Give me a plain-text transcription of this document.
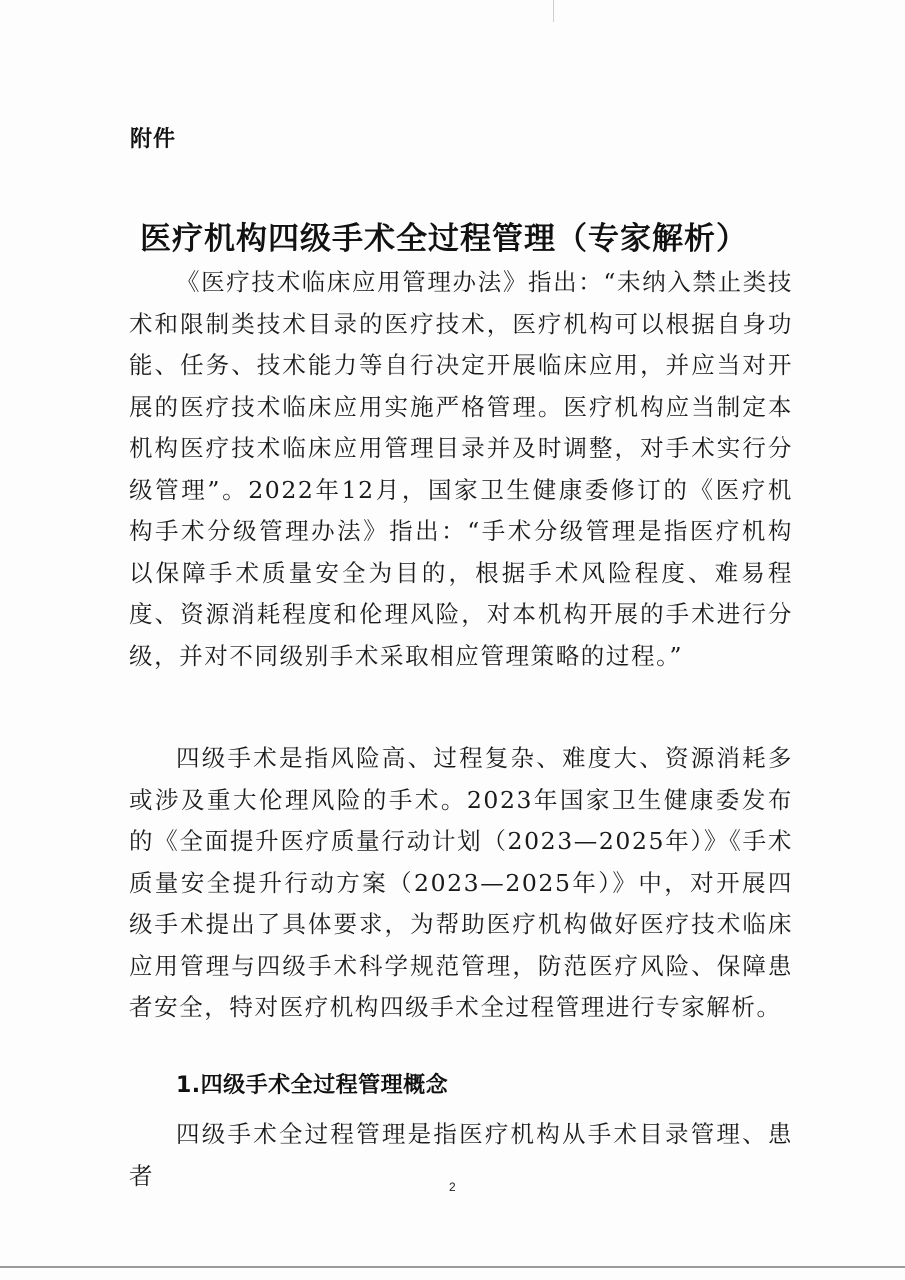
附件
医疗机构四级手术全过程管理（专家解析）
《医疗技术临床应用管理办法》指出：“未纳入禁止类技术和限制类技术目录的医疗技术，医疗机构可以根据自身功能、任务、技术能力等自行决定开展临床应用，并应当对开展的医疗技术临床应用实施严格管理。医疗机构应当制定本机构医疗技术临床应用管理目录并及时调整，对手术实行分级管理”。2022年12月，国家卫生健康委修订的《医疗机构手术分级管理办法》指出：“手术分级管理是指医疗机构以保障手术质量安全为目的，根据手术风险程度、难易程度、资源消耗程度和伦理风险，对本机构开展的手术进行分级，并对不同级别手术采取相应管理策略的过程。”
四级手术是指风险高、过程复杂、难度大、资源消耗多或涉及重大伦理风险的手术。2023年国家卫生健康委发布的《全面提升医疗质量行动计划（2023—2025年）》《手术质量安全提升行动方案（2023—2025年）》中，对开展四级手术提出了具体要求，为帮助医疗机构做好医疗技术临床应用管理与四级手术科学规范管理，防范医疗风险、保障患者安全，特对医疗机构四级手术全过程管理进行专家解析。
1.四级手术全过程管理概念
四级手术全过程管理是指医疗机构从手术目录管理、患者	2
